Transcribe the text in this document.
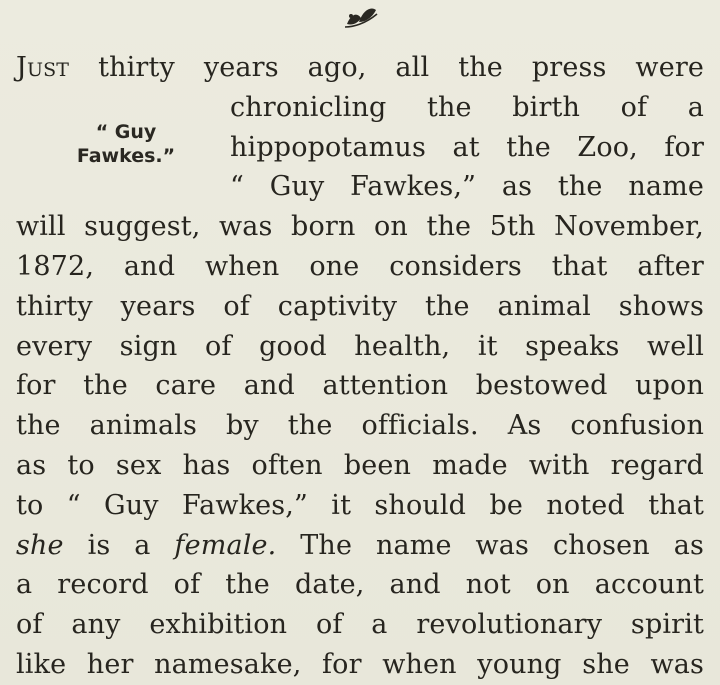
“ Guy
Fawkes.”
Just thirty years ago, all the press were
chronicling the birth of a
hippopotamus at the Zoo, for
“ Guy Fawkes,” as the name
will suggest, was born on the 5th November,
1872, and when one considers that after
thirty years of captivity the animal shows
every sign of good health, it speaks well
for the care and attention bestowed upon
the animals by the officials. As confusion
as to sex has often been made with regard
to “ Guy Fawkes,” it should be noted that
she is a female. The name was chosen as
a record of the date, and not on account
of any exhibition of a revolutionary spirit
like her namesake, for when young she was
